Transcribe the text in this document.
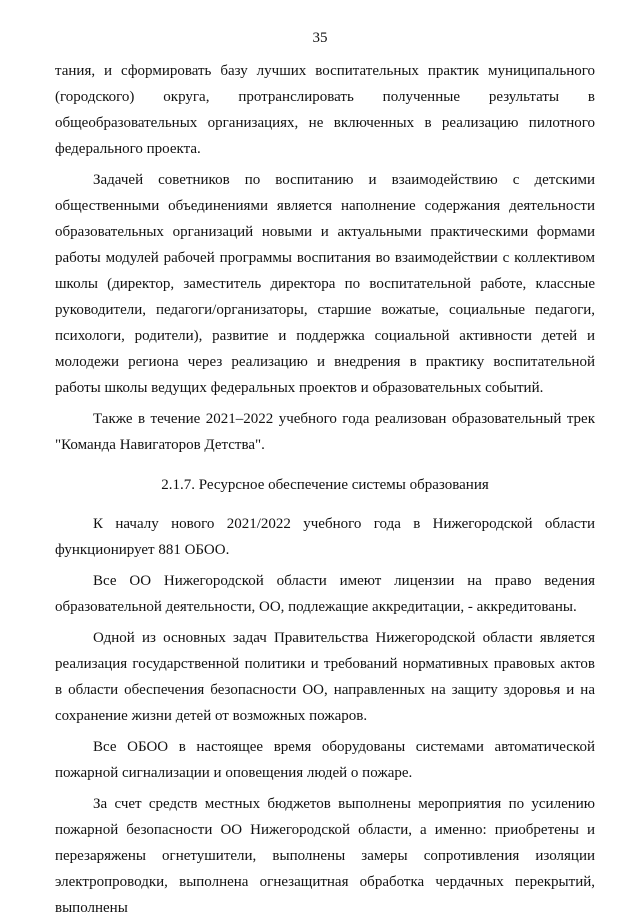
35

тания, и сформировать базу лучших воспитательных практик муниципального (городского) округа, протранслировать полученные результаты в общеобразовательных организациях, не включенных в реализацию пилотного федерального проекта.

Задачей советников по воспитанию и взаимодействию с детскими общественными объединениями является наполнение содержания деятельности образовательных организаций новыми и актуальными практическими формами работы модулей рабочей программы воспитания во взаимодействии с коллективом школы (директор, заместитель директора по воспитательной работе, классные руководители, педагоги/организаторы, старшие вожатые, социальные педагоги, психологи, родители), развитие и поддержка социальной активности детей и молодежи региона через реализацию и внедрения в практику воспитательной работы школы ведущих федеральных проектов и образовательных событий.

Также в течение 2021–2022 учебного года реализован образовательный трек "Команда Навигаторов Детства".

2.1.7. Ресурсное обеспечение системы образования

К началу нового 2021/2022 учебного года в Нижегородской области функционирует 881 ОБОО.

Все ОО Нижегородской области имеют лицензии на право ведения образовательной деятельности, ОО, подлежащие аккредитации, - аккредитованы.

Одной из основных задач Правительства Нижегородской области является реализация государственной политики и требований нормативных правовых актов в области обеспечения безопасности ОО, направленных на защиту здоровья и на сохранение жизни детей от возможных пожаров.

Все ОБОО в настоящее время оборудованы системами автоматической пожарной сигнализации и оповещения людей о пожаре.

За счет средств местных бюджетов выполнены мероприятия по усилению пожарной безопасности ОО Нижегородской области, а именно: приобретены и перезаряжены огнетушители, выполнены замеры сопротивления изоляции электропроводки, выполнена огнезащитная обработка чердачных перекрытий, выполнены
